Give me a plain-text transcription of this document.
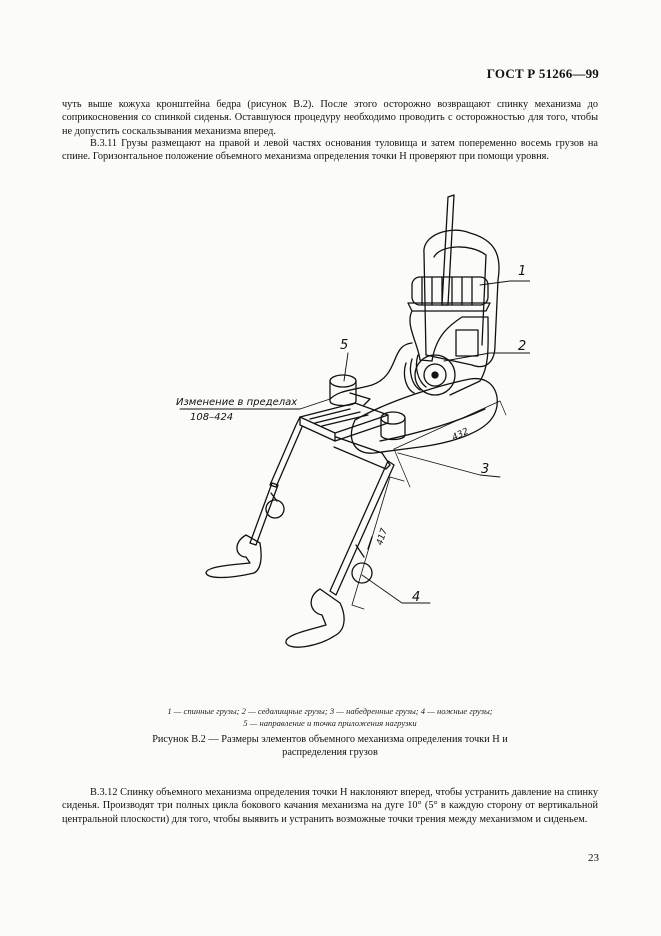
ГОСТ Р 51266—99
чуть выше кожуха кронштейна бедра (рисунок В.2). После этого осторожно возвращают спинку механизма до соприкосновения со спинкой сиденья. Оставшуюся процедуру необходимо проводить с осторожностью для того, чтобы не допустить соскальзывания механизма вперед.
В.3.11 Грузы размещают на правой и левой частях основания туловища и затем попеременно восемь грузов на спине. Горизонтальное положение объемного механизма определения точки H проверяют при помощи уровня.
1
2
3
4
5
Изменение в пределах
108–424
432
417
1 — спинные грузы; 2 — седалищные грузы; 3 — набедренные грузы; 4 — ножные грузы;
5 — направление и точка приложения нагрузки
Рисунок В.2 — Размеры элементов объемного механизма определения точки H и
распределения грузов
В.3.12 Спинку объемного механизма определения точки H наклоняют вперед, чтобы устранить давление на спинку сиденья. Производят три полных цикла бокового качания механизма на дуге 10° (5° в каждую сторону от вертикальной центральной плоскости) для того, чтобы выявить и устранить возможные точки трения между механизмом и сиденьем.
23
